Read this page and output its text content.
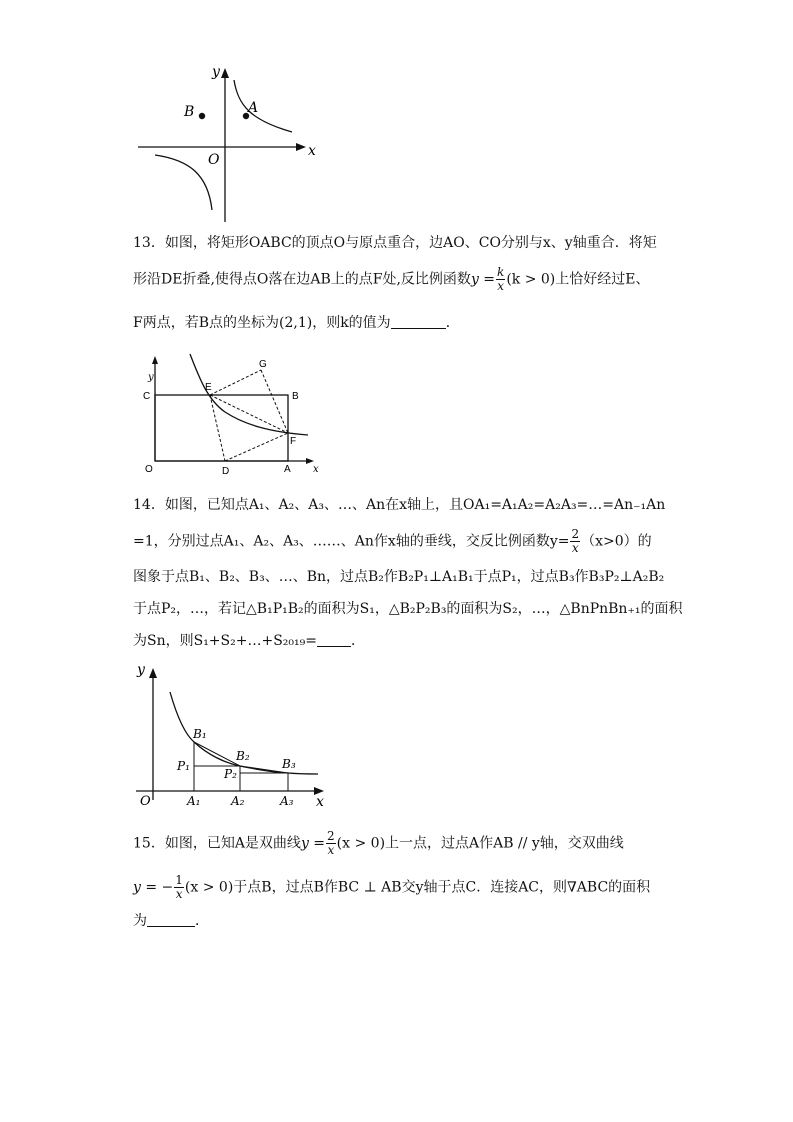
y
x
O
A
B
13．如图，将矩形OABC的顶点O与原点重合，边AO、CO分别与x、y轴重合．将矩
形沿DE折叠,使得点O落在边AB上的点F处,反比例函数$y = \frac{k}{x} (k > 0)$上恰好经过E、
F两点，若B点的坐标为(2,1)，则k的值为	．
y
x
C
E
G
B
F
O	D	A
14．如图，已知点A₁、A₂、A₃、…、An在x轴上，且OA₁=A₁A₂=A₂A₃=…=An₋₁An
=1，分别过点A₁、A₂、A₃、……、An作x轴的垂线，交反比例函数$y= \frac{2}{x} (x>0)$的
图象于点B₁、B₂、B₃、…、Bn，过点B₂作B₂P₁⊥A₁B₁于点P₁，过点B₃作B₃P₂⊥A₂B₂
于点P₂，…，若记△B₁P₁B₂的面积为S₁，△B₂P₂B₃的面积为S₂，…，△BnPnBn₊₁的面积
为Sn，则S₁+S₂+…+S₂₀₁₉= ．
y
x
O	A₁	A₂	A₃
B₁
B₂
B₃
P₁
P₂
15．如图，已知A是双曲线$y = \frac{2}{x} (x > 0)$上一点，过点A作AB // y轴，交双曲线
y = − $\frac{1}{x} (x > 0)$于点B，过点B作BC ⊥ AB交y轴于点C．连接AC，则∇ABC的面积
为	．
